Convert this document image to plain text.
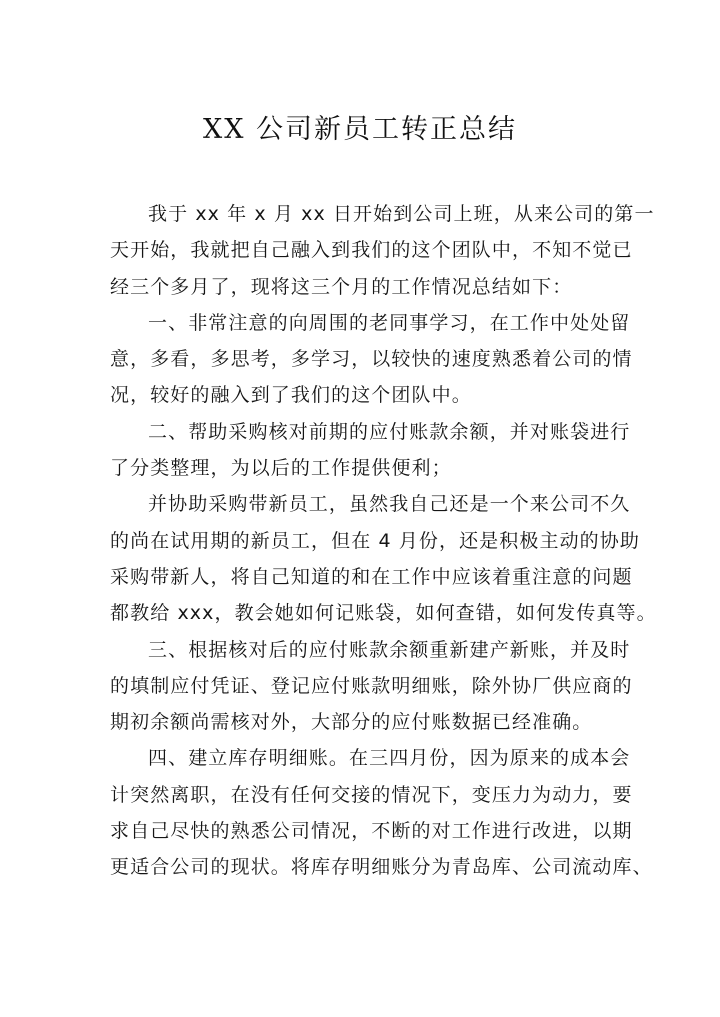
XX 公司新员工转正总结
我于 xx 年 x 月 xx 日开始到公司上班，从来公司的第一
天开始，我就把自己融入到我们的这个团队中，不知不觉已
经三个多月了，现将这三个月的工作情况总结如下：
一、非常注意的向周围的老同事学习，在工作中处处留
意，多看，多思考，多学习，以较快的速度熟悉着公司的情
况，较好的融入到了我们的这个团队中。
二、帮助采购核对前期的应付账款余额，并对账袋进行
了分类整理，为以后的工作提供便利；
并协助采购带新员工，虽然我自己还是一个来公司不久
的尚在试用期的新员工，但在 4 月份，还是积极主动的协助
采购带新人，将自己知道的和在工作中应该着重注意的问题
都教给 xxx，教会她如何记账袋，如何查错，如何发传真等。
三、根据核对后的应付账款余额重新建产新账，并及时
的填制应付凭证、登记应付账款明细账，除外协厂供应商的
期初余额尚需核对外，大部分的应付账数据已经准确。
四、建立库存明细账。在三四月份，因为原来的成本会
计突然离职，在没有任何交接的情况下，变压力为动力，要
求自己尽快的熟悉公司情况，不断的对工作进行改进，以期
更适合公司的现状。将库存明细账分为青岛库、公司流动库、
